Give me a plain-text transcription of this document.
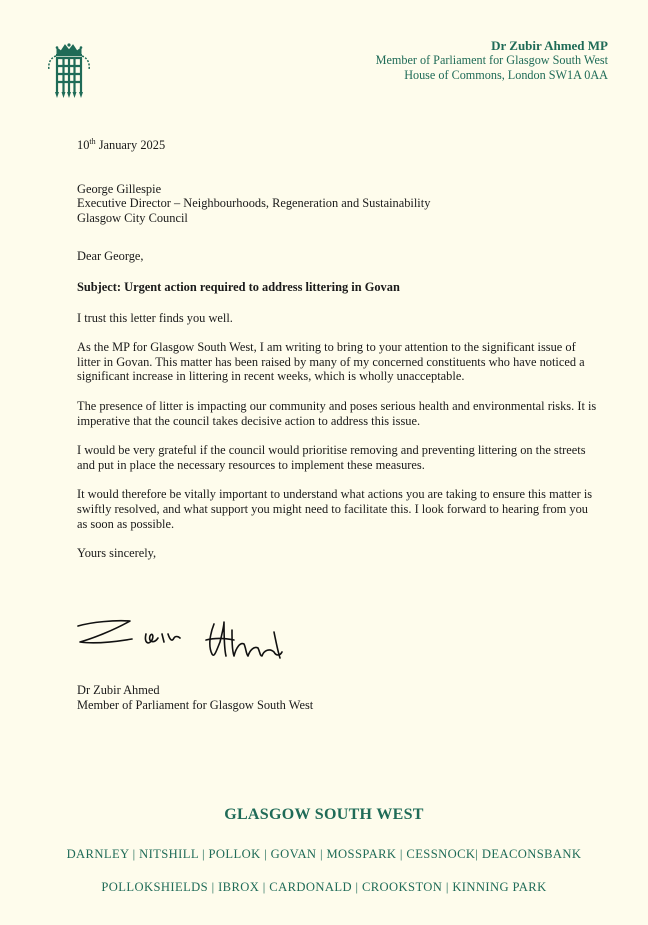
Dr Zubir Ahmed MP
Member of Parliament for Glasgow South West
House of Commons, London SW1A 0AA

10th January 2025

George Gillespie

Executive Director – Neighbourhoods, Regeneration and Sustainability

Glasgow City Council

Dear George,

Subject: Urgent action required to address littering in Govan

I trust this letter finds you well.

As the MP for Glasgow South West, I am writing to bring to your attention to the significant issue of litter in Govan. This matter has been raised by many of my concerned constituents who have noticed a significant increase in littering in recent weeks, which is wholly unacceptable.

The presence of litter is impacting our community and poses serious health and environmental risks. It is imperative that the council takes decisive action to address this issue.

I would be very grateful if the council would prioritise removing and preventing littering on the streets and put in place the necessary resources to implement these measures.

It would therefore be vitally important to understand what actions you are taking to ensure this matter is swiftly resolved, and what support you might need to facilitate this. I look forward to hearing from you as soon as possible.

Yours sincerely,

Dr Zubir Ahmed
Member of Parliament for Glasgow South West
GLASGOW SOUTH WEST
DARNLEY | NITSHILL | POLLOK | GOVAN | MOSSPARK | CESSNOCK| DEACONSBANK
POLLOKSHIELDS | IBROX | CARDONALD | CROOKSTON | KINNING PARK
